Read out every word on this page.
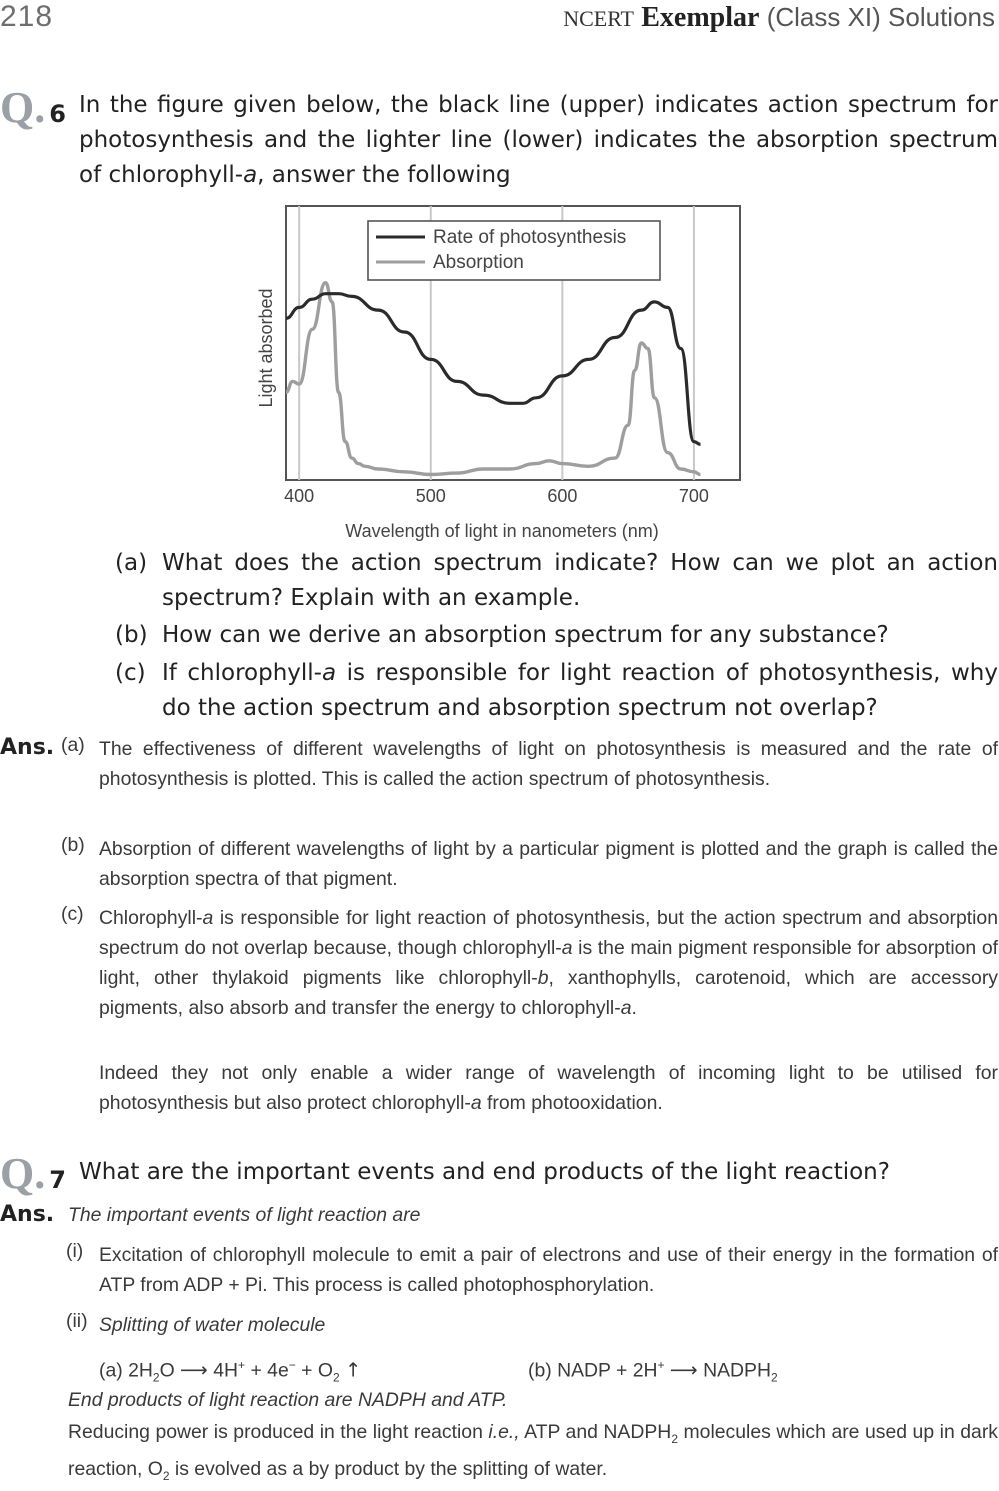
218	NCERT Exemplar (Class XI) Solutions
Q. 6 In the figure given below, the black line (upper) indicates action spectrum for photosynthesis and the lighter line (lower) indicates the absorption spectrum of chlorophyll-a, answer the following
400	500	600	700
Light absorbed
Wavelength of light in nanometers (nm)
Rate of photosynthesis
Absorption
(a) What does the action spectrum indicate? How can we plot an action spectrum? Explain with an example.
(b) How can we derive an absorption spectrum for any substance?
(c) If chlorophyll-a is responsible for light reaction of photosynthesis, why do the action spectrum and absorption spectrum not overlap?
Ans. (a) The effectiveness of different wavelengths of light on photosynthesis is measured and the rate of photosynthesis is plotted. This is called the action spectrum of photosynthesis.
(b) Absorption of different wavelengths of light by a particular pigment is plotted and the graph is called the absorption spectra of that pigment.
(c) Chlorophyll-a is responsible for light reaction of photosynthesis, but the action spectrum and absorption spectrum do not overlap because, though chlorophyll-a is the main pigment responsible for absorption of light, other thylakoid pigments like chlorophyll-b, xanthophylls, carotenoid, which are accessory pigments, also absorb and transfer the energy to chlorophyll-a.
Indeed they not only enable a wider range of wavelength of incoming light to be utilised for photosynthesis but also protect chlorophyll-a from photooxidation.
Q. 7 What are the important events and end products of the light reaction?
Ans. The important events of light reaction are
(i) Excitation of chlorophyll molecule to emit a pair of electrons and use of their energy in the formation of ATP from ADP + Pi. This process is called photophosphorylation.
(ii) Splitting of water molecule
(a) $2H_2O$ ⟶ $4H^+ + 4e^- + O_2$ ↑	(b) NADP + 2H+ ⟶ $NADPH_2$
End products of light reaction are NADPH and ATP.
Reducing power is produced in the light reaction i.e., ATP and $NADPH_2$ molecules which are used up in dark reaction, $O_2$ is evolved as a by product by the splitting of water.
